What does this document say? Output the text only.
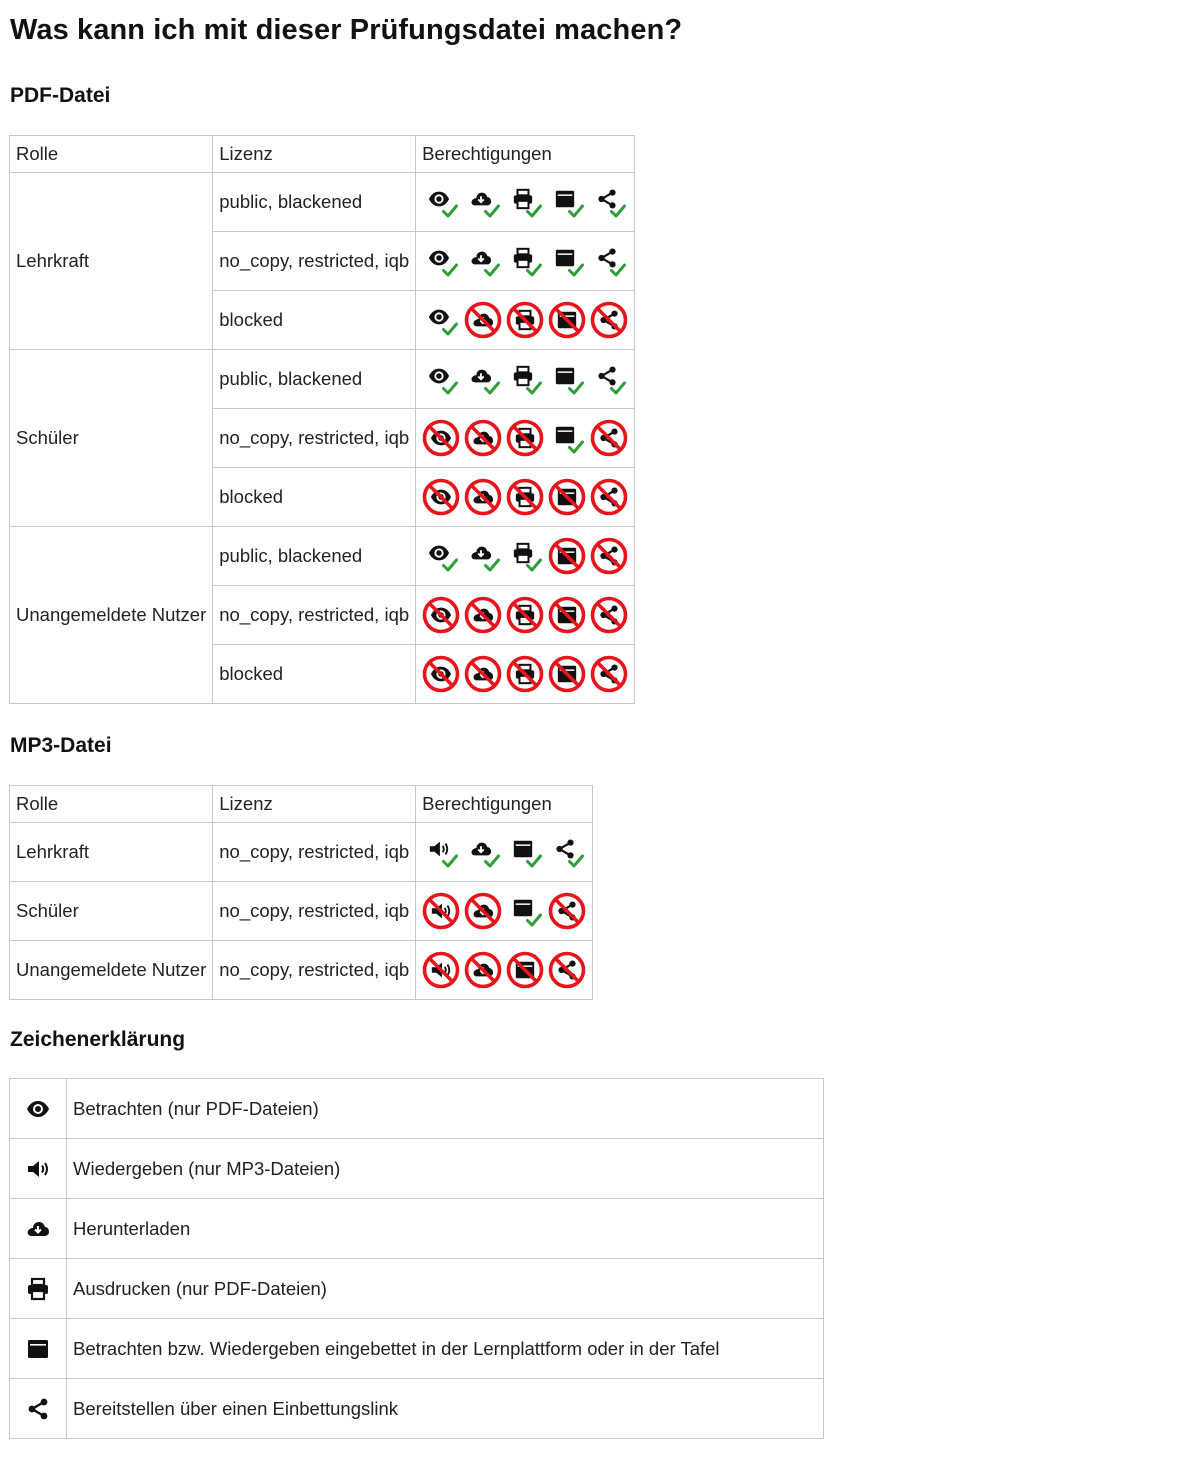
Was kann ich mit dieser Prüfungsdatei machen?
PDF-Datei
Rolle	Lizenz	Berechtigungen
Lehrkraft	public, blackened	

	no_copy, restricted, iqb	

	blocked	

Schüler	public, blackened	

	no_copy, restricted, iqb	

	blocked	

Unangemeldete Nutzer	public, blackened	

	no_copy, restricted, iqb	

	blocked	
MP3-Datei
Rolle	Lizenz	Berechtigungen
Lehrkraft	no_copy, restricted, iqb	

Schüler	no_copy, restricted, iqb	

Unangemeldete Nutzer	no_copy, restricted, iqb	
Zeichenerklärung
	Betrachten (nur PDF-Dateien)
	Wiedergeben (nur MP3-Dateien)
	Herunterladen
	Ausdrucken (nur PDF-Dateien)
	Betrachten bzw. Wiedergeben eingebettet in der Lernplattform oder in der Tafel
	Bereitstellen über einen Einbettungslink
